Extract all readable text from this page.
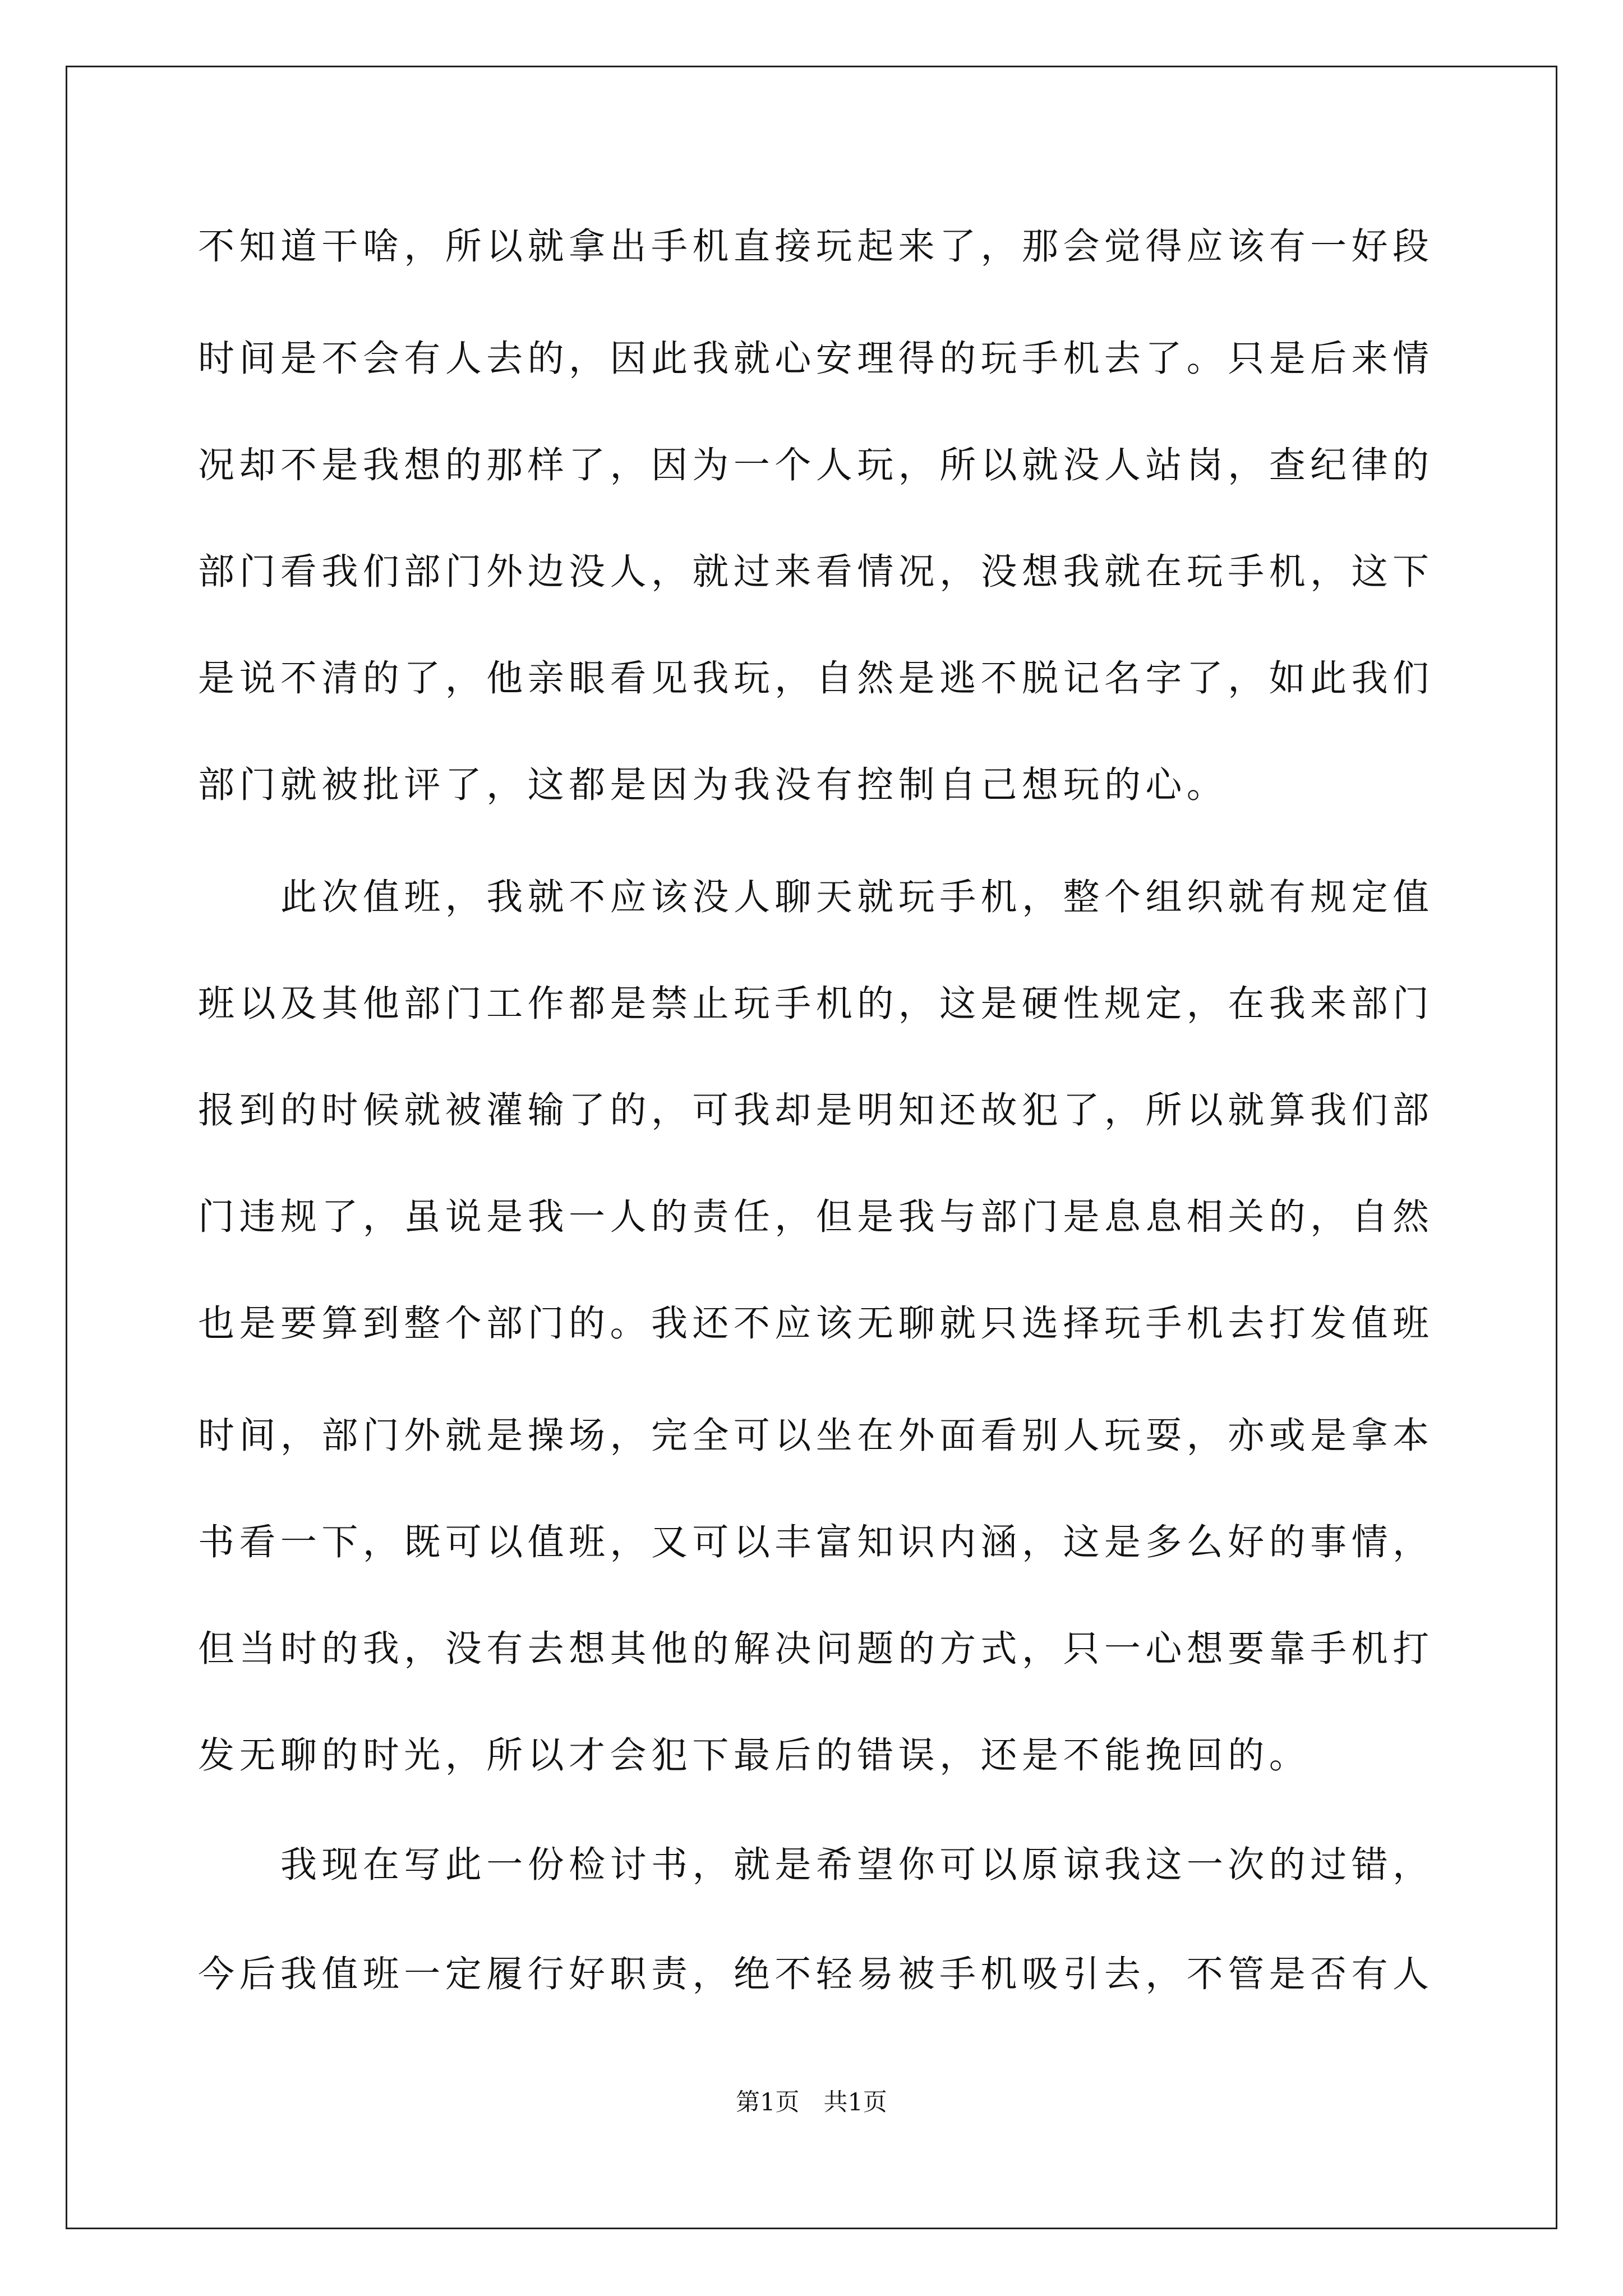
不知道干啥，所以就拿出手机直接玩起来了，那会觉得应该有一好段
时间是不会有人去的，因此我就心安理得的玩手机去了。只是后来情
况却不是我想的那样了，因为一个人玩，所以就没人站岗，查纪律的
部门看我们部门外边没人，就过来看情况，没想我就在玩手机，这下
是说不清的了，他亲眼看见我玩，自然是逃不脱记名字了，如此我们
部门就被批评了，这都是因为我没有控制自己想玩的心。
此次值班，我就不应该没人聊天就玩手机，整个组织就有规定值
班以及其他部门工作都是禁止玩手机的，这是硬性规定，在我来部门
报到的时候就被灌输了的，可我却是明知还故犯了，所以就算我们部
门违规了，虽说是我一人的责任，但是我与部门是息息相关的，自然
也是要算到整个部门的。我还不应该无聊就只选择玩手机去打发值班
时间，部门外就是操场，完全可以坐在外面看别人玩耍，亦或是拿本
书看一下，既可以值班，又可以丰富知识内涵，这是多么好的事情，
但当时的我，没有去想其他的解决问题的方式，只一心想要靠手机打
发无聊的时光，所以才会犯下最后的错误，还是不能挽回的。
我现在写此一份检讨书，就是希望你可以原谅我这一次的过错，
今后我值班一定履行好职责，绝不轻易被手机吸引去，不管是否有人
第1页　共1页
